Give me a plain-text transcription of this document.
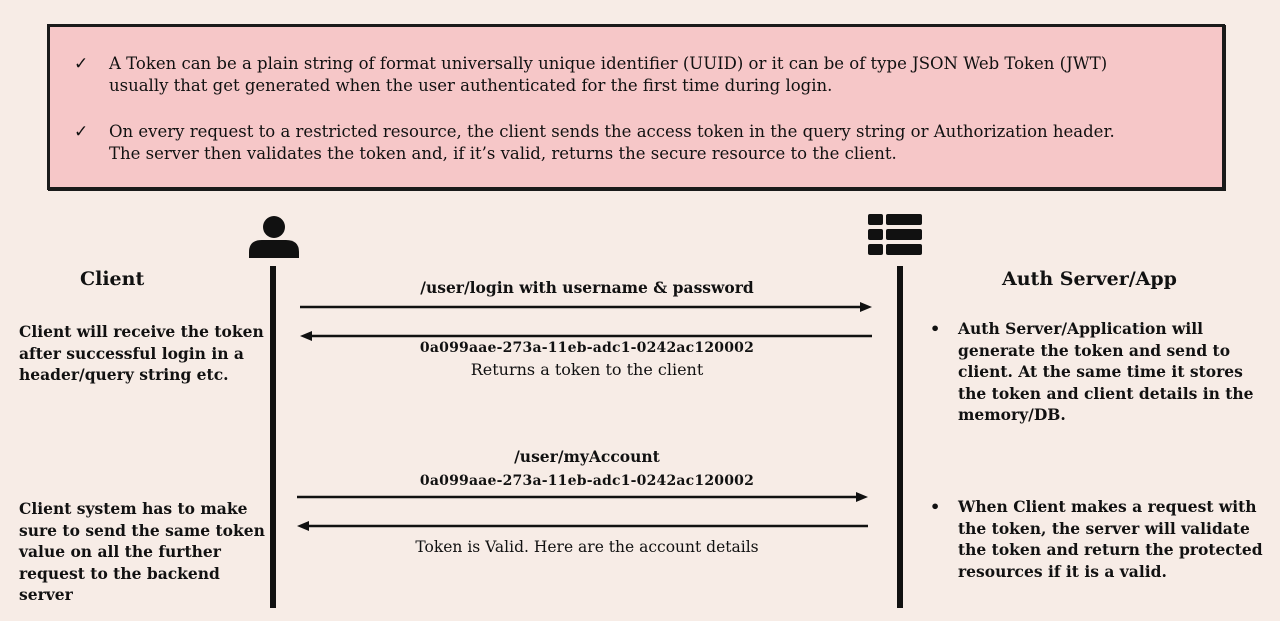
✓	A Token can be a plain string of format universally unique identifier (UUID) or it can be of type JSON Web Token (JWT)
usually that get generated when the user authenticated for the first time during login.
✓	On every request to a restricted resource, the client sends the access token in the query string or Authorization header.
The server then validates the token and, if it’s valid, returns the secure resource to the client.
Client	Auth Server/App
Client will receive the token after successful login in a header/query string etc.
Client system has to make sure to send the same token value on all the further request to the backend server
• Auth Server/Application will generate the token and send to client. At the same time it stores the token and client details in the memory/DB.
• When Client makes a request with the token, the server will validate the token and return the protected resources if it is a valid.
/user/login with username & password
0a099aae-273a-11eb-adc1-0242ac120002
Returns a token to the client
/user/myAccount
0a099aae-273a-11eb-adc1-0242ac120002
Token is Valid. Here are the account details
